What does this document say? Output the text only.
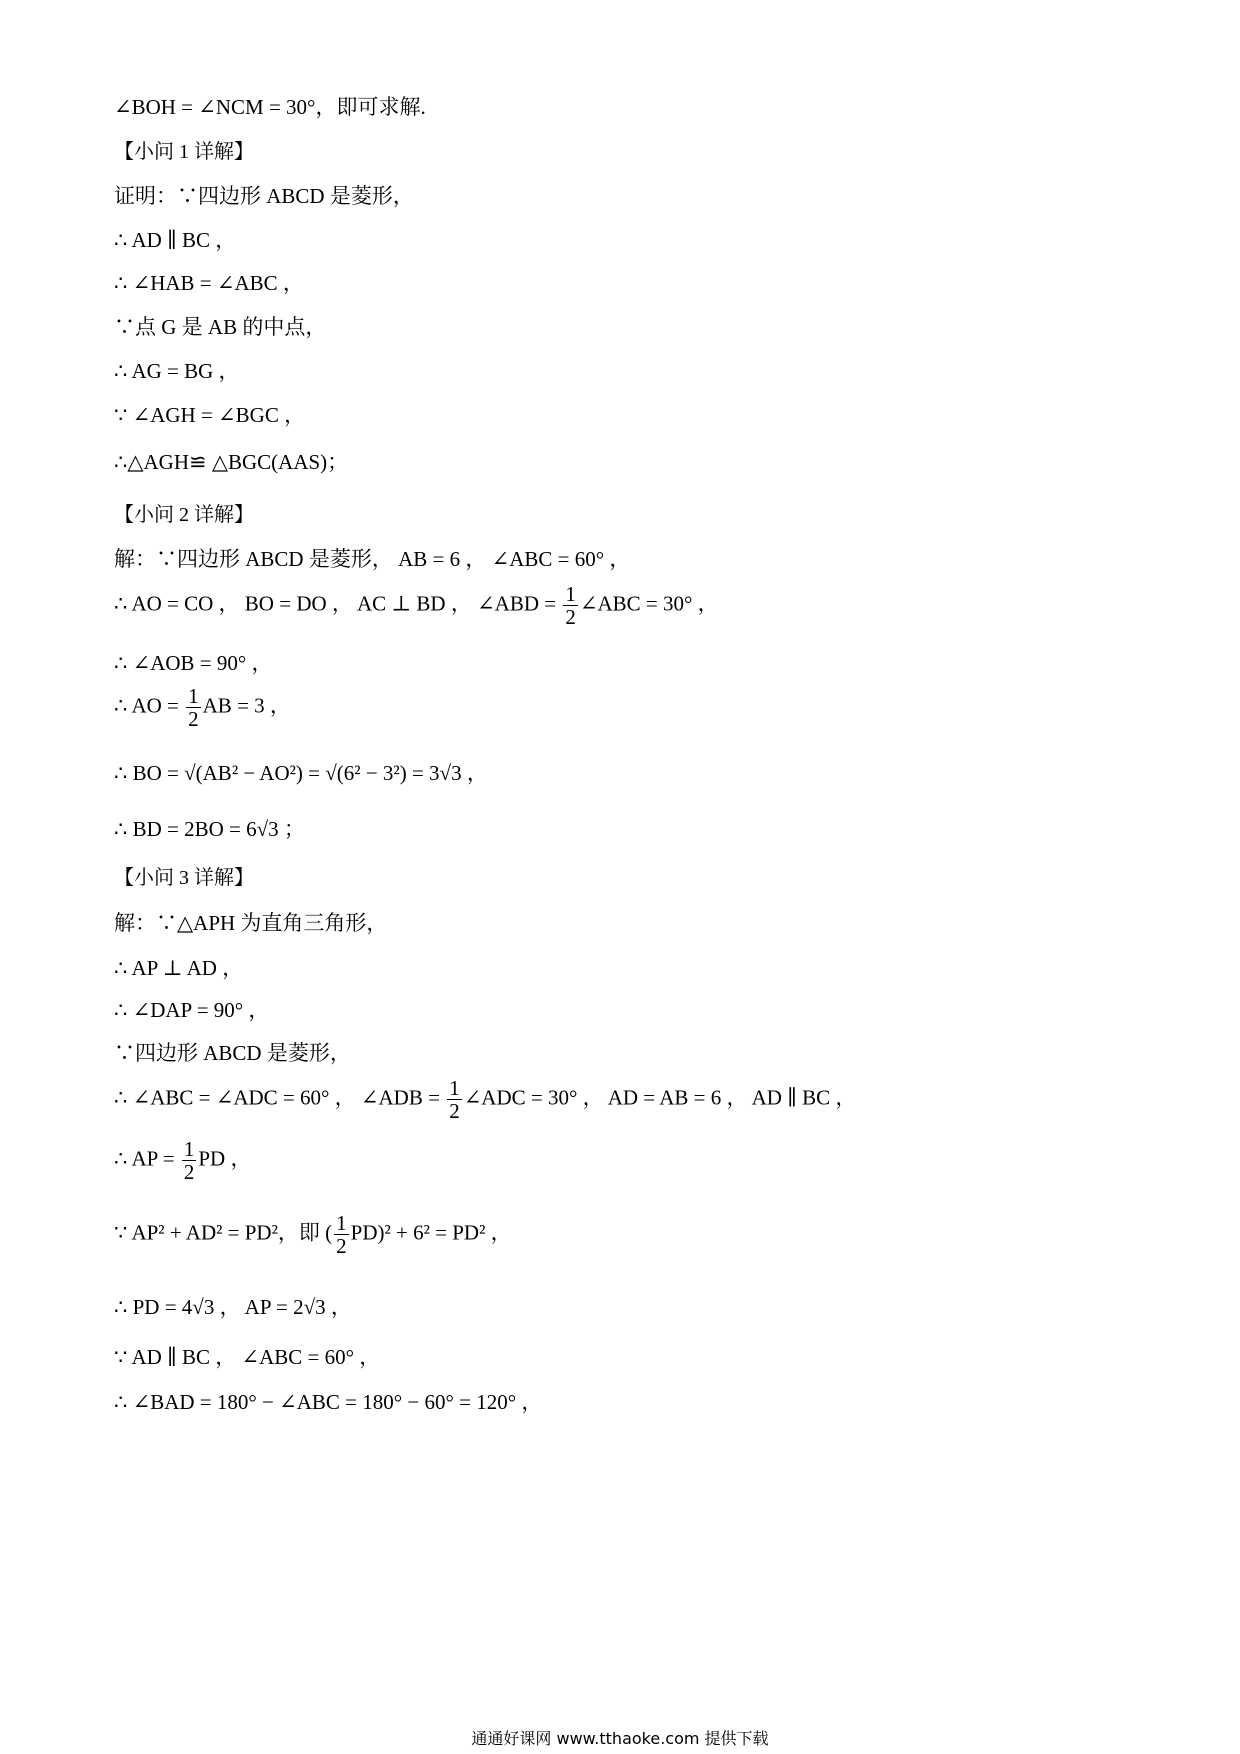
∠BOH = ∠NCM = 30°，即可求解.
【小问 1 详解】
证明：∵四边形 ABCD 是菱形，
∴ AD ∥ BC ，
∴ ∠HAB = ∠ABC ，
∵点 G 是 AB 的中点，
∴ AG = BG ，
∵ ∠AGH = ∠BGC ，
∴△AGH≌ △BGC(AAS)；
【小问 2 详解】
解：∵四边形 ABCD 是菱形， AB = 6 ， ∠ABC = 60° ，
∴ AO = CO ， BO = DO ， AC ⊥ BD ， ∠ABD = $\frac{1}{2}$ ∠ABC = 30° ，
∴ ∠AOB = 90° ，
∴ AO = $\frac{1}{2}$ AB = 3 ，
∴ BO = √(AB² − AO²) = √(6² − 3²) = 3√3 ，
∴ BD = 2BO = 6√3 ；
【小问 3 详解】
解：∵△APH 为直角三角形，
∴ AP ⊥ AD ，
∴ ∠DAP = 90° ，
∵四边形 ABCD 是菱形，
∴ ∠ABC = ∠ADC = 60° ， ∠ADB = $\frac{1}{2}$ ∠ADC = 30° ， AD = AB = 6 ， AD ∥ BC ，
∴ AP = $\frac{1}{2}$ PD ，
∵ AP² + AD² = PD²，即 ( $\frac{1}{2} PD)^2 + 6^2 = PD^2$ ，
∴ PD = 4√3 ， AP = 2√3 ，
∵ AD ∥ BC ， ∠ABC = 60° ，
∴ ∠BAD = 180° − ∠ABC = 180° − 60° = 120° ，
通通好课网 www.tthaoke.com 提供下载
